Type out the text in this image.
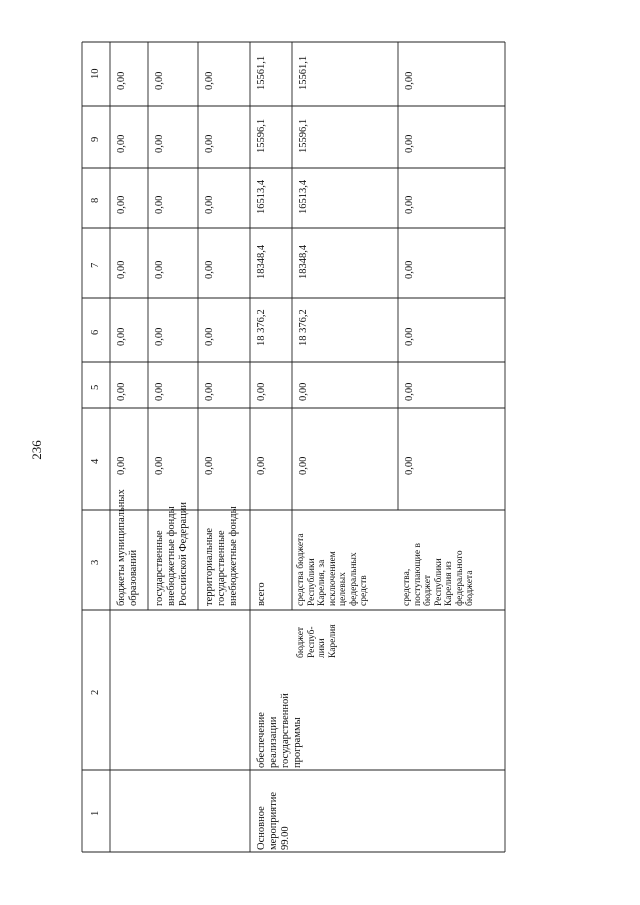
236
10
9
8
7
6
5
4
3
2
1
0,00
0,00
0,00
0,00
0,00
0,00
0,00
0,00
0,00
0,00
0,00
0,00
0,00
0,00
0,00
0,00
0,00
0,00
0,00
0,00
0,00
0,00
0,00
18 376,2
18348,4
16513,4
15596,1
15561,1
0,00
0,00
18 376,2
18348,4
16513,4
15596,1
15561,1
0,00
0,00
0,00
0,00
0,00
0,00
0,00
бюджеты муниципальных
образований государственные
внебюджетные фонды
Российской Федерации
территориальные
государственные
внебюджетные фонды
всего
бюджет
Респуб-
лики
Карелия
средства бюджета
Республики
Карелия, за
исключением
целевых
федеральных
средств	средства,
поступающие в
бюджет
Республики
Карелия из
федерального
бюджета
обеспечение
реализации
государственной
программы
Основное
мероприятие
99.00
